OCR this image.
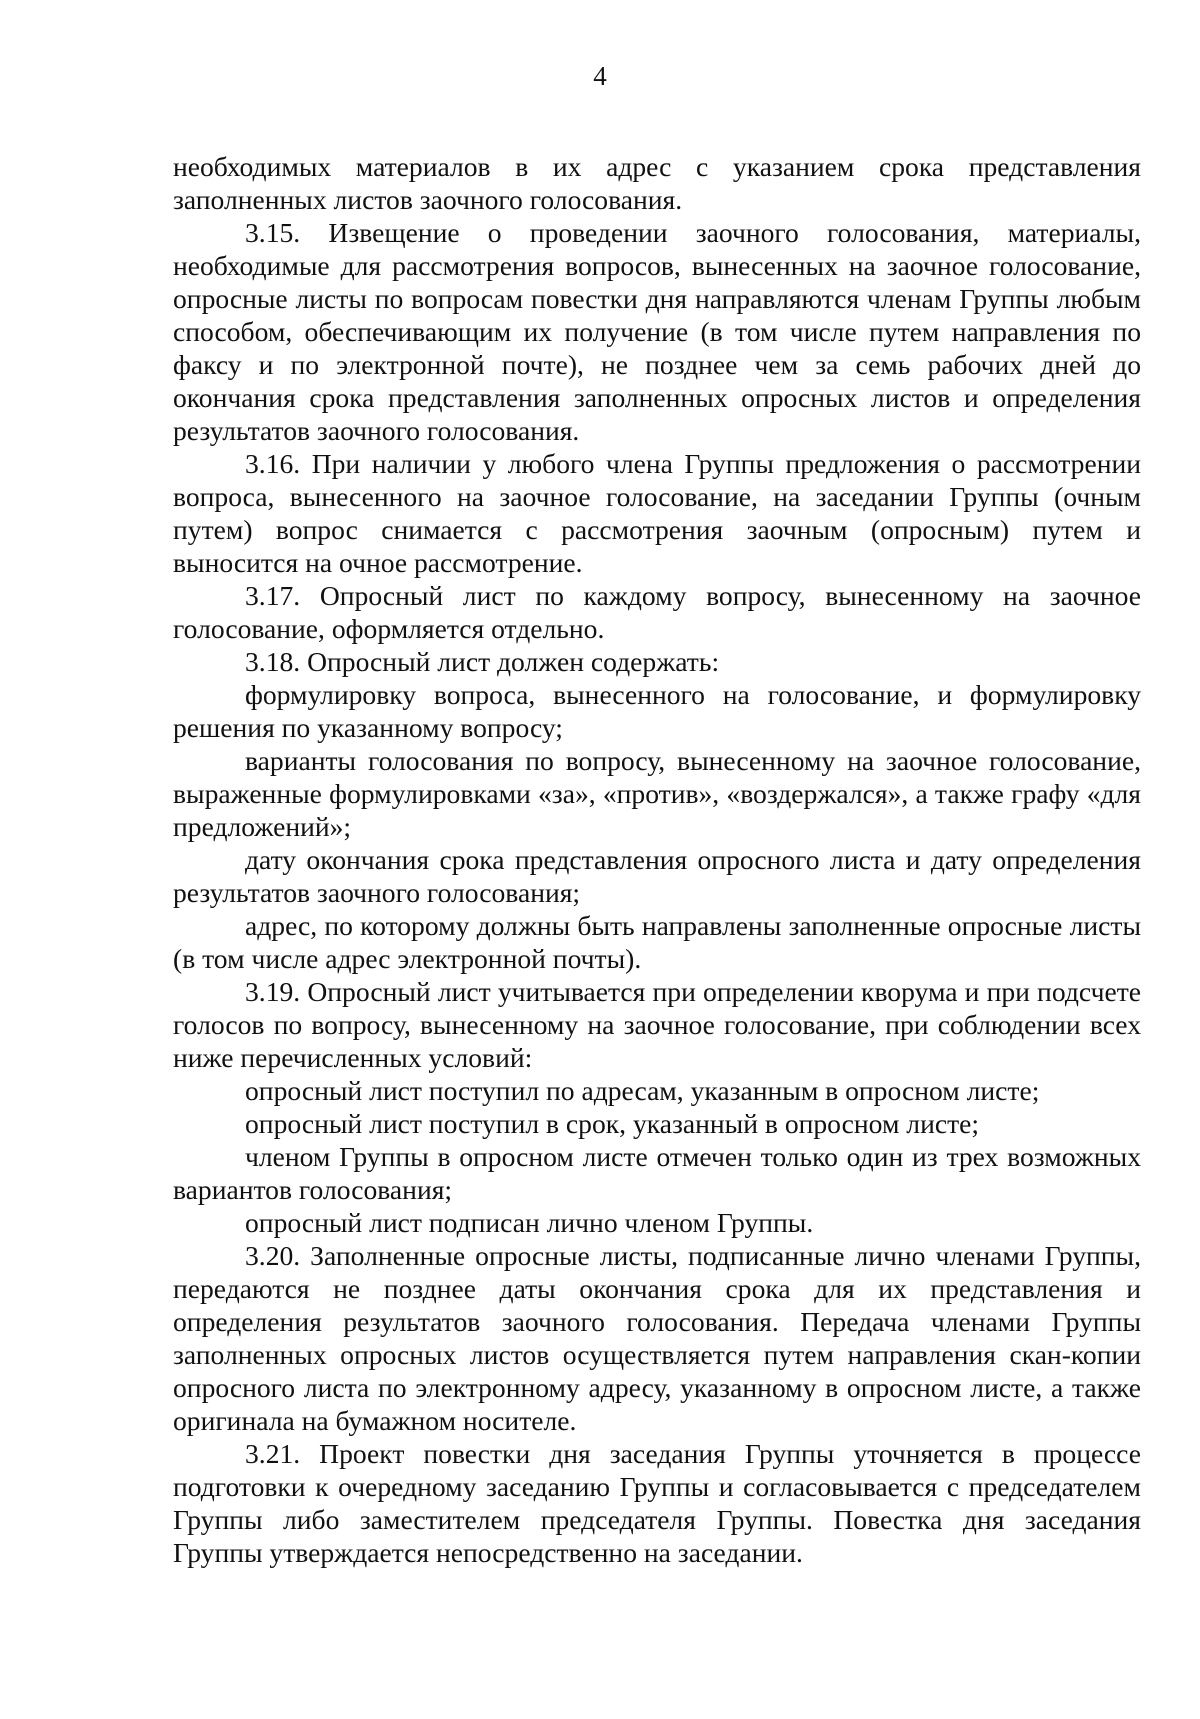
4

необходимых материалов в их адрес с указанием срока представления заполненных листов заочного голосования.

3.15. Извещение о проведении заочного голосования, материалы, необходимые для рассмотрения вопросов, вынесенных на заочное голосование, опросные листы по вопросам повестки дня направляются членам Группы любым способом, обеспечивающим их получение (в том числе путем направления по факсу и по электронной почте), не позднее чем за семь рабочих дней до окончания срока представления заполненных опросных листов и определения результатов заочного голосования.

3.16. При наличии у любого члена Группы предложения о рассмотрении вопроса, вынесенного на заочное голосование, на заседании Группы (очным путем) вопрос снимается с рассмотрения заочным (опросным) путем и выносится на очное рассмотрение.

3.17. Опросный лист по каждому вопросу, вынесенному на заочное голосование, оформляется отдельно.

3.18. Опросный лист должен содержать:

формулировку вопроса, вынесенного на голосование, и формулировку решения по указанному вопросу;

варианты голосования по вопросу, вынесенному на заочное голосование, выраженные формулировками «за», «против», «воздержался», а также графу «для предложений»;

дату окончания срока представления опросного листа и дату определения результатов заочного голосования;

адрес, по которому должны быть направлены заполненные опросные листы (в том числе адрес электронной почты).

3.19. Опросный лист учитывается при определении кворума и при подсчете голосов по вопросу, вынесенному на заочное голосование, при соблюдении всех ниже перечисленных условий:

опросный лист поступил по адресам, указанным в опросном листе;

опросный лист поступил в срок, указанный в опросном листе;

членом Группы в опросном листе отмечен только один из трех возможных вариантов голосования;

опросный лист подписан лично членом Группы.

3.20. Заполненные опросные листы, подписанные лично членами Группы, передаются не позднее даты окончания срока для их представления и определения результатов заочного голосования. Передача членами Группы заполненных опросных листов осуществляется путем направления скан-копии опросного листа по электронному адресу, указанному в опросном листе, а также оригинала на бумажном носителе.

3.21. Проект повестки дня заседания Группы уточняется в процессе подготовки к очередному заседанию Группы и согласовывается с председателем Группы либо заместителем председателя Группы. Повестка дня заседания Группы утверждается непосредственно на заседании.
